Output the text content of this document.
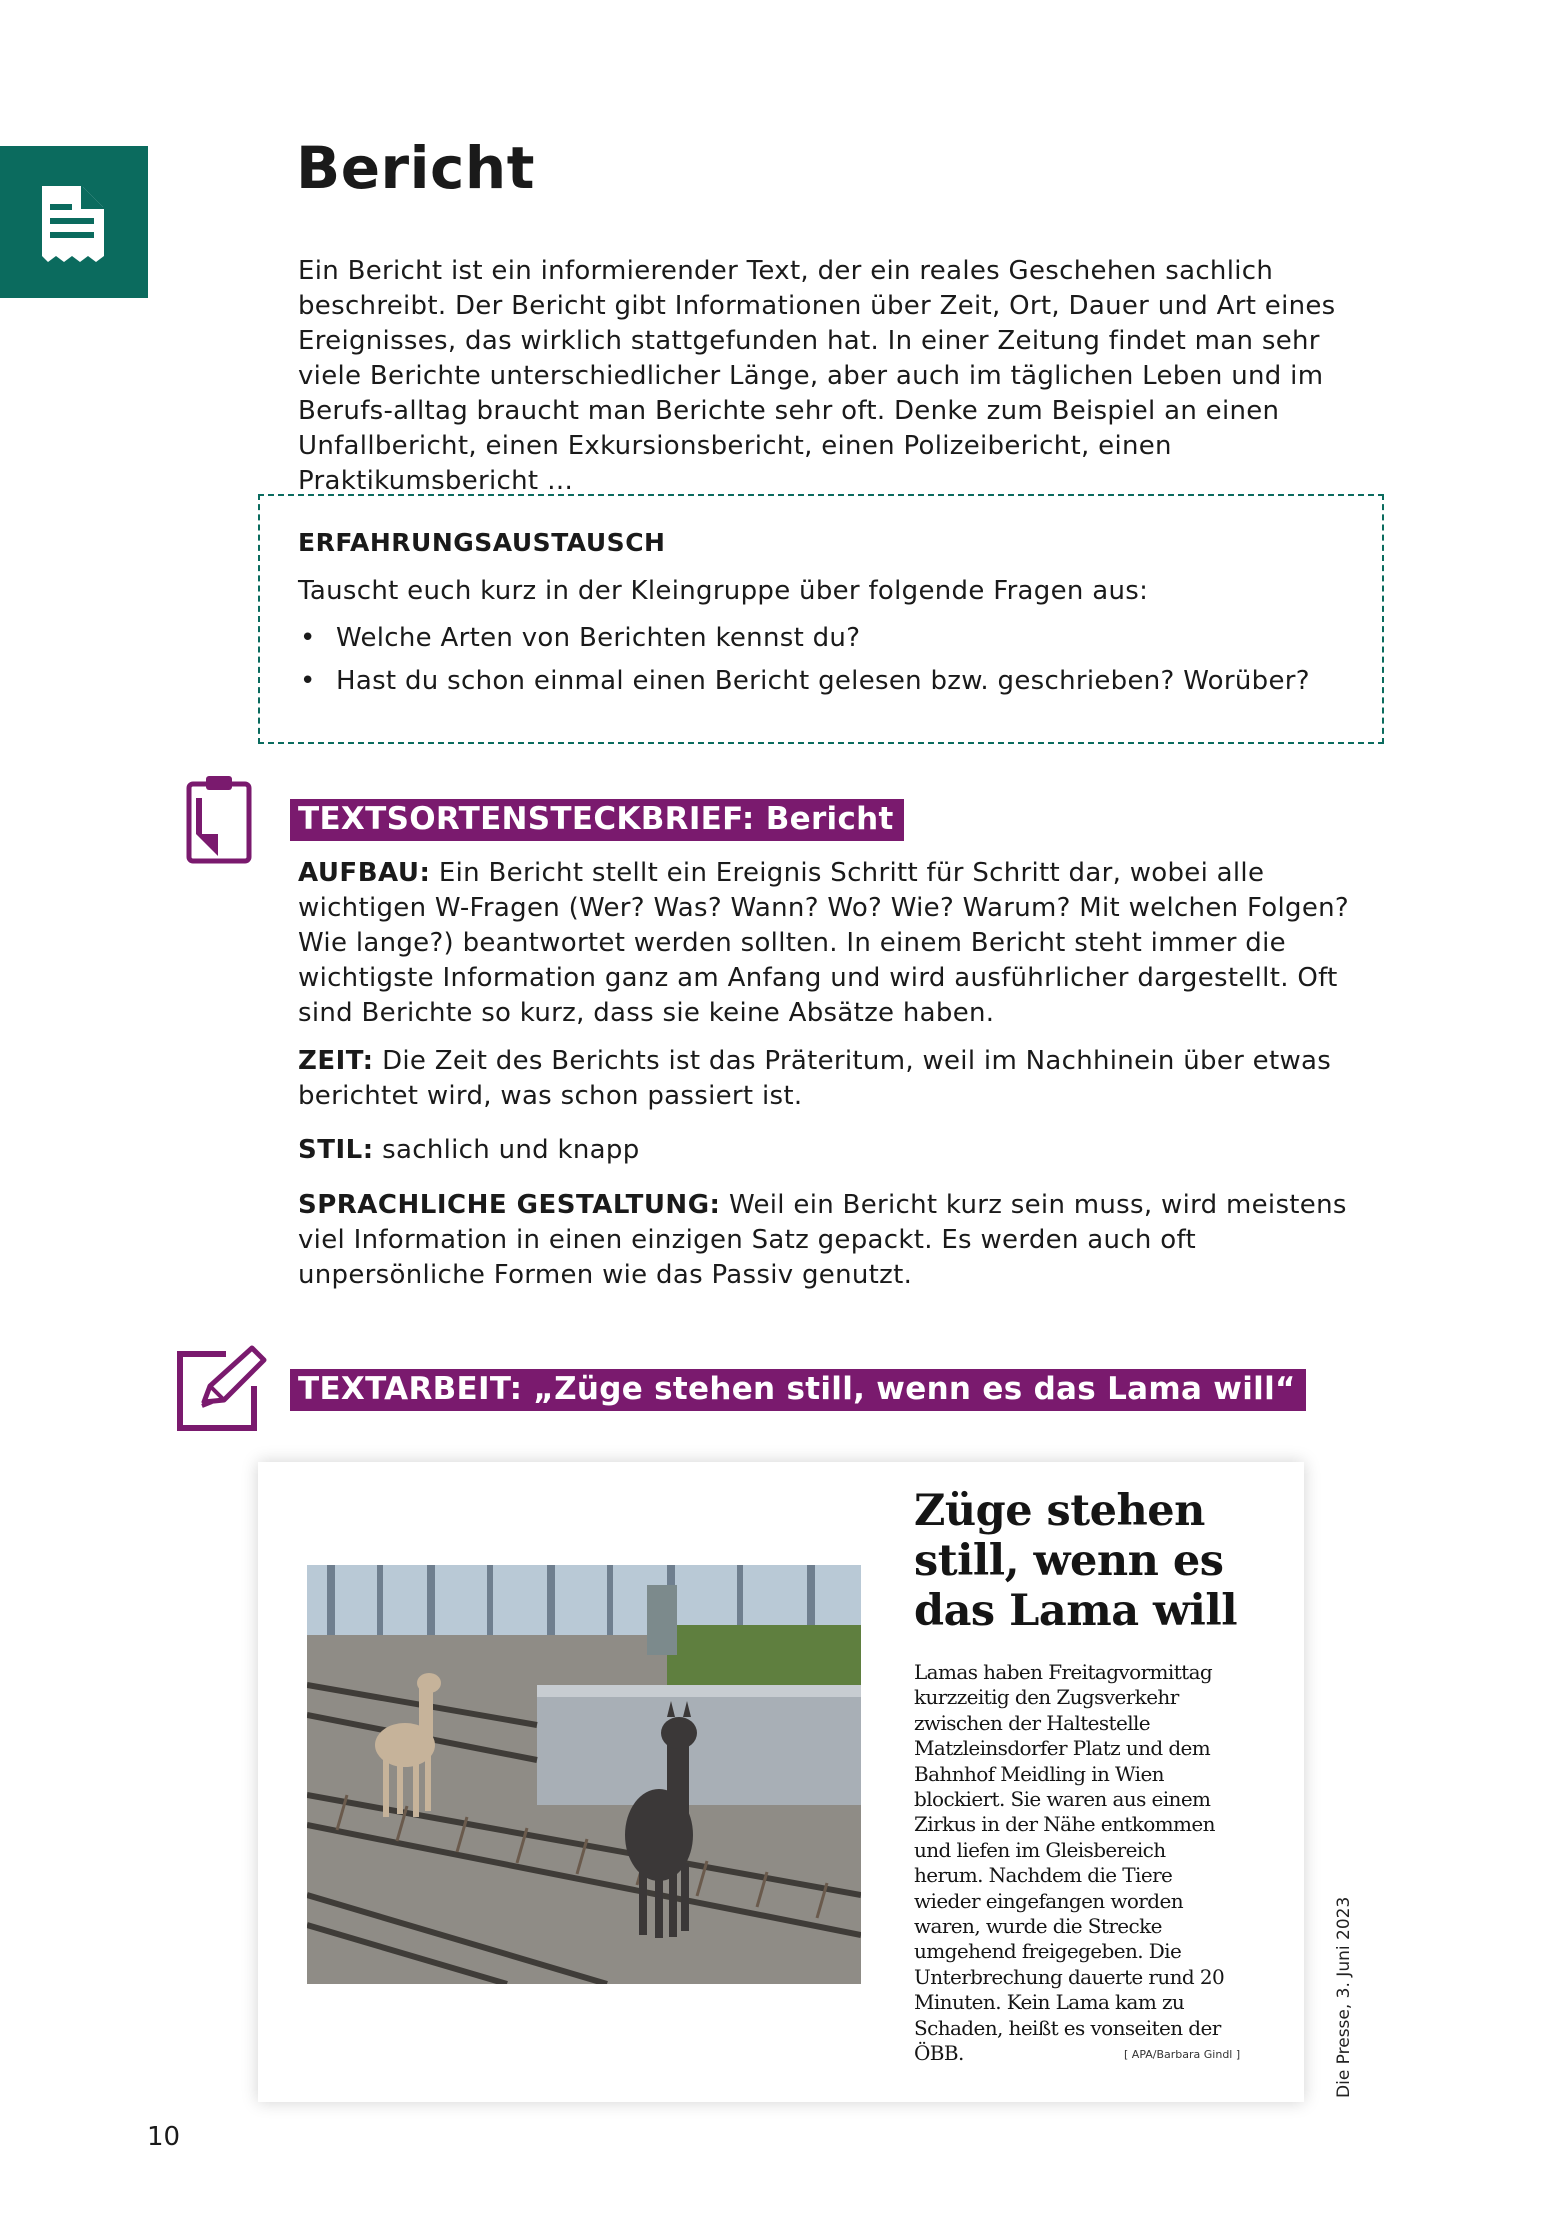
Bericht

Ein Bericht ist ein informierender Text, der ein reales Geschehen sachlich beschreibt. Der Bericht gibt Informationen über Zeit, Ort, Dauer und Art eines Ereignisses, das wirklich stattgefunden hat. In einer Zeitung findet man sehr viele Berichte unterschiedlicher Länge, aber auch im täglichen Leben und im Berufs-alltag braucht man Berichte sehr oft. Denke zum Beispiel an einen Unfallbericht, einen Exkursionsbericht, einen Polizeibericht, einen Praktikumsbericht …

ERFAHRUNGSAUSTAUSCH

Tauscht euch kurz in der Kleingruppe über folgende Fragen aus:

• Welche Arten von Berichten kennst du?
• Hast du schon einmal einen Bericht gelesen bzw. geschrieben? Worüber?
TEXTSORTENSTECKBRIEF: Bericht

AUFBAU: Ein Bericht stellt ein Ereignis Schritt für Schritt dar, wobei alle wichtigen W-Fragen (Wer? Was? Wann? Wo? Wie? Warum? Mit welchen Folgen? Wie lange?) beantwortet werden sollten. In einem Bericht steht immer die wichtigste Information ganz am Anfang und wird ausführlicher dargestellt. Oft sind Berichte so kurz, dass sie keine Absätze haben.

ZEIT: Die Zeit des Berichts ist das Präteritum, weil im Nachhinein über etwas berichtet wird, was schon passiert ist.

STIL: sachlich und knapp

SPRACHLICHE GESTALTUNG: Weil ein Bericht kurz sein muss, wird meistens viel Information in einen einzigen Satz gepackt. Es werden auch oft unpersönliche Formen wie das Passiv genutzt.

TEXTARBEIT: „Züge stehen still, wenn es das Lama will“
Züge stehen still, wenn es das Lama will

Lamas haben Freitagvormittag kurzzeitig den Zugsverkehr zwischen der Haltestelle Matzleinsdorfer Platz und dem Bahnhof Meidling in Wien blockiert. Sie waren aus einem Zirkus in der Nähe entkommen und liefen im Gleisbereich herum. Nachdem die Tiere wieder eingefangen worden waren, wurde die Strecke umgehend freigegeben. Die Unterbrechung dauerte rund 20 Minuten. Kein Lama kam zu Schaden, heißt es vonseiten der ÖBB.	[ APA/Barbara Gindl ]	Die Presse, 3. Juni 2023

10
